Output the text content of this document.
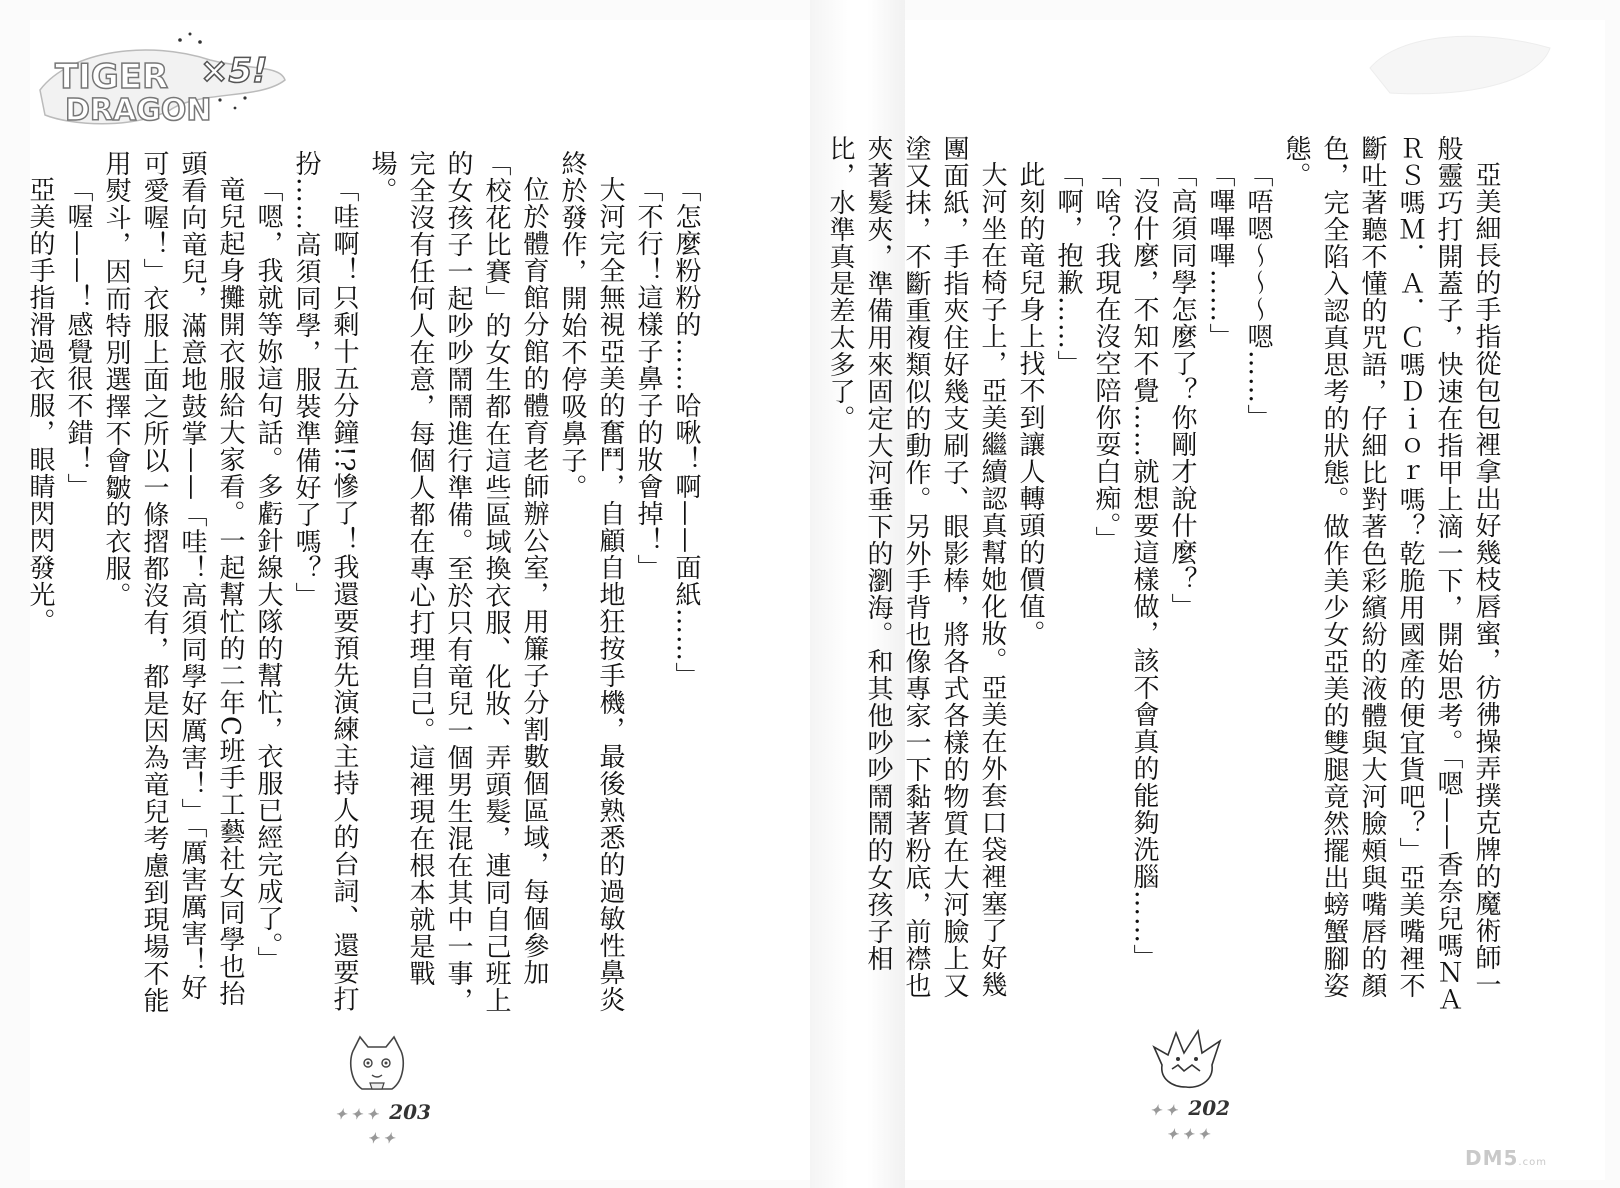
TIGER
DRAGON
×5!

「怎麼粉粉的……哈啾！啊——面紙……」

「不行！這樣子鼻子的妝會掉！」

大河完全無視亞美的奮鬥，自顧自地狂按手機，最後熟悉的過敏性鼻炎終於發作，開始不停吸鼻子。

位於體育館分館的體育老師辦公室，用簾子分割數個區域，每個參加「校花比賽」的女生都在這些區域換衣服、化妝、弄頭髮，連同自己班上的女孩子一起吵吵鬧鬧進行準備。至於只有竜兒一個男生混在其中一事，完全沒有任何人在意，每個人都在專心打理自己。這裡現在根本就是戰場。

「哇啊！只剩十五分鐘!?慘了！我還要預先演練主持人的台詞、還要打扮……高須同學，服裝準備好了嗎？」

「嗯，我就等妳這句話。多虧針線大隊的幫忙，衣服已經完成了。」

竜兒起身攤開衣服給大家看。一起幫忙的二年C班手工藝社女同學也抬頭看向竜兒，滿意地鼓掌——「哇！高須同學好厲害！」「厲害厲害！好可愛喔！」衣服上面之所以一條摺都沒有，都是因為竜兒考慮到現場不能用熨斗，因而特別選擇不會皺的衣服。

「喔——！感覺很不錯！」

亞美的手指滑過衣服，眼睛閃閃發光。	亞美細長的手指從包包裡拿出好幾枝唇蜜，彷彿操弄撲克牌的魔術師一般靈巧打開蓋子，快速在指甲上滴一下，開始思考。「嗯——香奈兒嗎ＮＡＲＳ嗎Ｍ．Ａ．Ｃ嗎Ｄｉｏｒ嗎？乾脆用國產的便宜貨吧？」亞美嘴裡不斷吐著聽不懂的咒語，仔細比對著色彩繽紛的液體與大河臉頰與嘴唇的顏色，完全陷入認真思考的狀態。做作美少女亞美的雙腿竟然擺出螃蟹腳姿態。

「唔嗯～～～嗯……」

「嗶嗶嗶……」

「高須同學怎麼了？你剛才說什麼？」

「沒什麼，不知不覺……就想要這樣做，該不會真的能夠洗腦……」

「啥？我現在沒空陪你耍白痴。」

「啊，抱歉……」

此刻的竜兒身上找不到讓人轉頭的價值。

大河坐在椅子上，亞美繼續認真幫她化妝。亞美在外套口袋裡塞了好幾團面紙，手指夾住好幾支刷子、眼影棒，將各式各樣的物質在大河臉上又塗又抹，不斷重複類似的動作。另外手背也像專家一下黏著粉底，前襟也夾著髮夾，準備用來固定大河垂下的瀏海。和其他吵吵鬧鬧的女孩子相比，水準真是差太多了。

✦✦✦ 203 ✦✦
✦✦ 202 ✦✦✦
DM5.com
